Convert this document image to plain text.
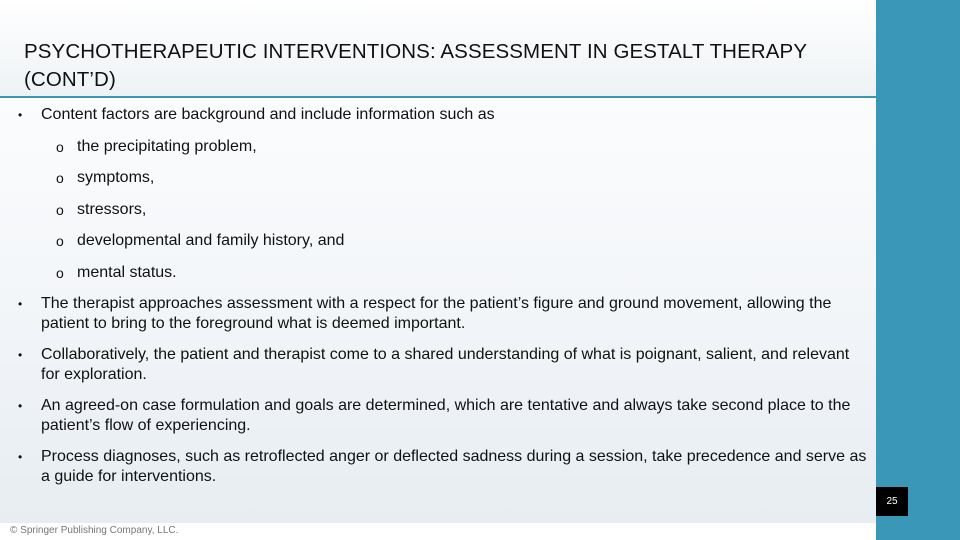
PSYCHOTHERAPEUTIC INTERVENTIONS: ASSESSMENT IN GESTALT THERAPY (CONT’D)
• Content factors are background and include information such as
o the precipitating problem,
o symptoms,
o stressors,
o developmental and family history, and
o mental status.
• The therapist approaches assessment with a respect for the patient’s figure and ground movement, allowing the patient to bring to the foreground what is deemed important.
• Collaboratively, the patient and therapist come to a shared understanding of what is poignant, salient, and relevant for exploration.
• An agreed-on case formulation and goals are determined, which are tentative and always take second place to the patient’s flow of experiencing.
• Process diagnoses, such as retroflected anger or deflected sadness during a session, take precedence and serve as a guide for interventions.
25
© Springer Publishing Company, LLC.
